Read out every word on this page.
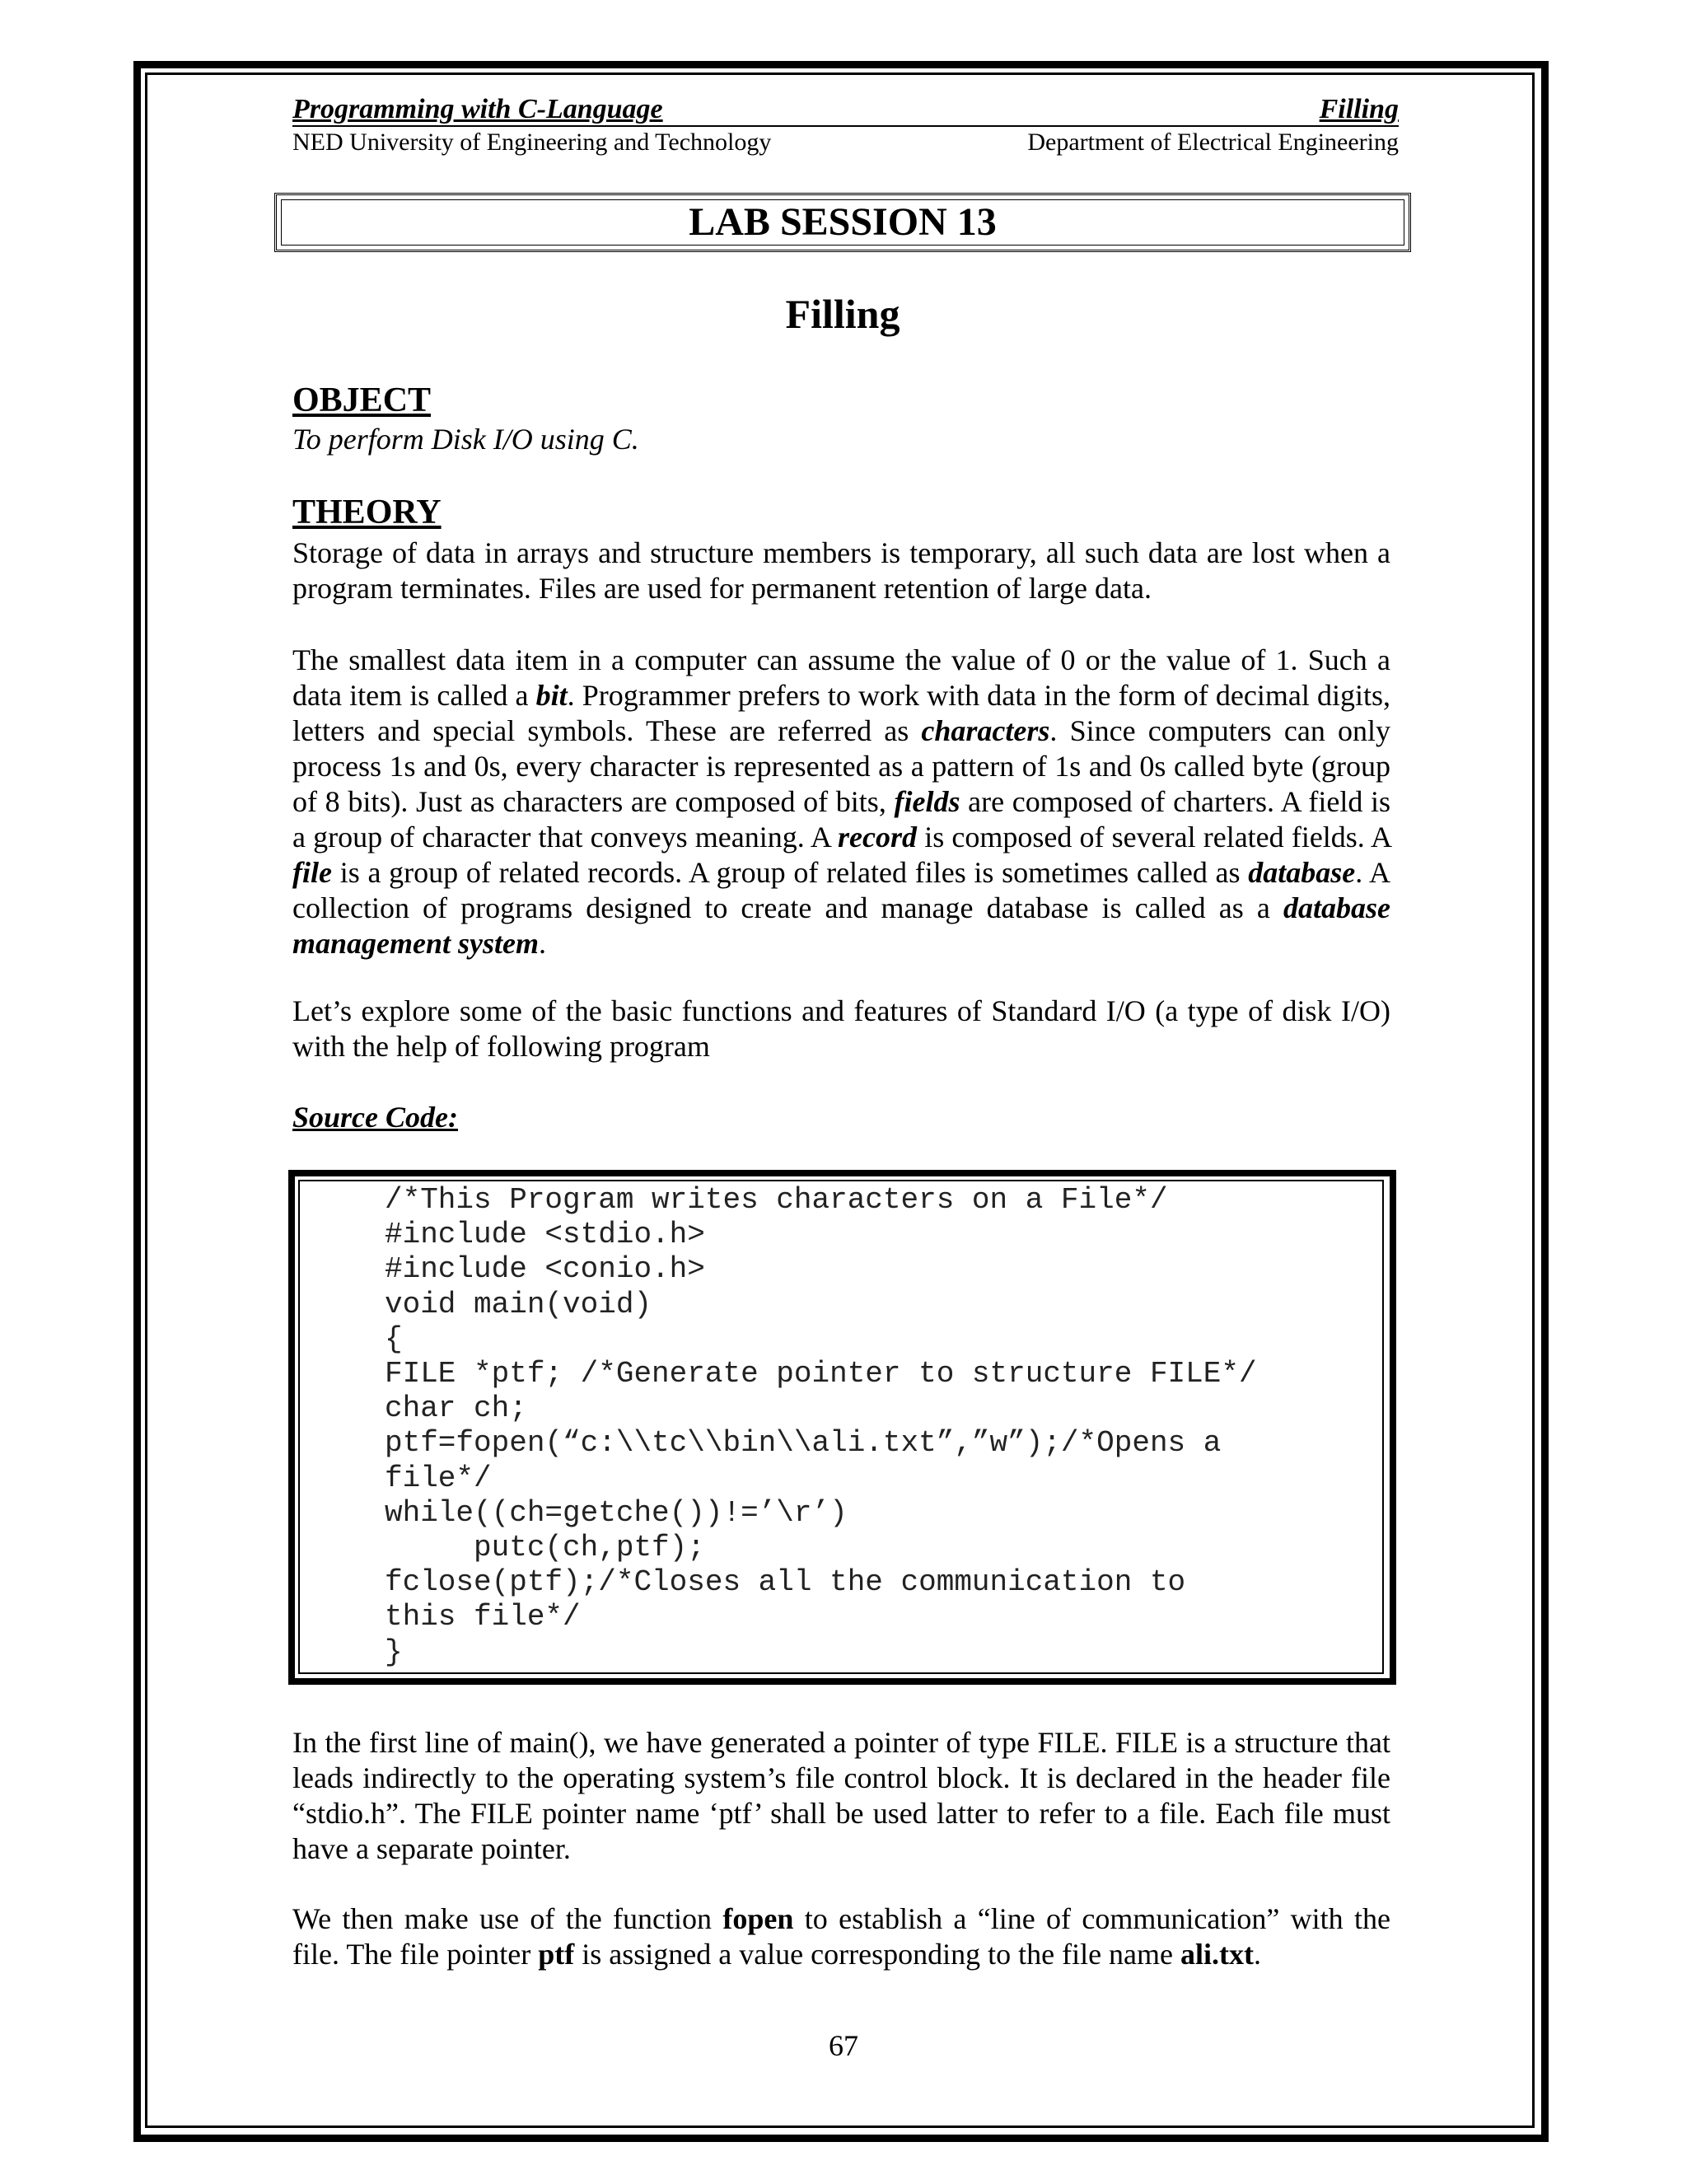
Programming with C-Language	Filling
NED University of Engineering and Technology	Department of Electrical Engineering
LAB SESSION 13
Filling
OBJECT
To perform Disk I/O using C.
THEORY

Storage of data in arrays and structure members is temporary, all such data are lost when a program terminates. Files are used for permanent retention of large data.

The smallest data item in a computer can assume the value of 0 or the value of 1. Such a data item is called a bit. Programmer prefers to work with data in the form of decimal digits, letters and special symbols. These are referred as characters. Since computers can only process 1s and 0s, every character is represented as a pattern of 1s and 0s called byte (group of 8 bits). Just as characters are composed of bits, fields are composed of charters. A field is a group of character that conveys meaning. A record is composed of several related fields. A file is a group of related records. A group of related files is sometimes called as database. A collection of programs designed to create and manage database is called as a database management system.

Let’s explore some of the basic functions and features of Standard I/O (a type of disk I/O) with the help of following program

Source Code:
/*This Program writes characters on a File*/
#include <stdio.h>
#include <conio.h>
void main(void)
{
FILE *ptf; /*Generate pointer to structure FILE*/
char ch;
ptf=fopen(“c:\\tc\\bin\\ali.txt”,”w”);/*Opens a
file*/
while((ch=getche())!=’\r’)
putc(ch,ptf);
fclose(ptf);/*Closes all the communication to
this file*/
}

In the first line of main(), we have generated a pointer of type FILE. FILE is a structure that leads indirectly to the operating system’s file control block. It is declared in the header file “stdio.h”. The FILE pointer name ‘ptf’ shall be used latter to refer to a file. Each file must have a separate pointer.

We then make use of the function fopen to establish a “line of communication” with the file. The file pointer ptf is assigned a value corresponding to the file name ali.txt.

67
